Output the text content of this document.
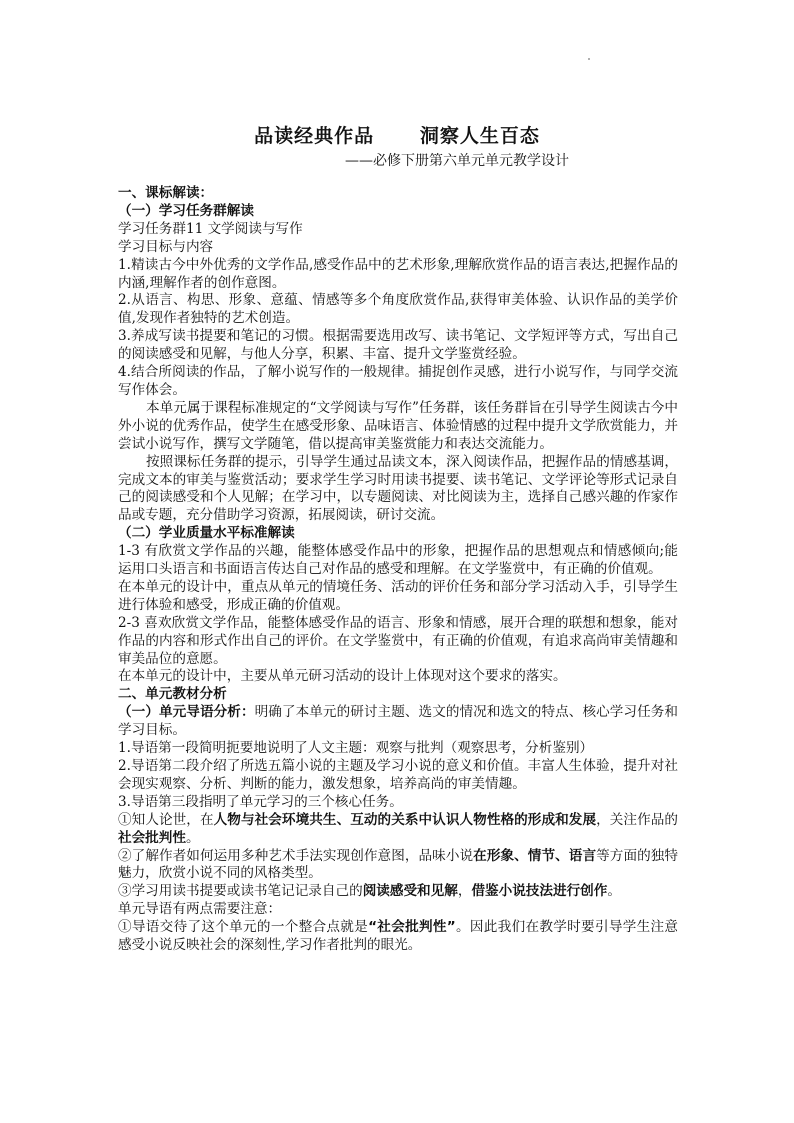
品读经典作品      洞察人生百态
——必修下册第六单元单元教学设计

一、课标解读：

（一）学习任务群解读

学习任务群11 文学阅读与写作

学习目标与内容

1.精读古今中外优秀的文学作品,感受作品中的艺术形象,理解欣赏作品的语言表达,把握作品的内涵,理解作者的创作意图。

2.从语言、构思、形象、意蕴、情感等多个角度欣赏作品,获得审美体验、认识作品的美学价值,发现作者独特的艺术创造。

3.养成写读书提要和笔记的习惯。根据需要选用改写、读书笔记、文学短评等方式，写出自己的阅读感受和见解，与他人分享，积累、丰富、提升文学鉴赏经验。

4.结合所阅读的作品，了解小说写作的一般规律。捕捉创作灵感，进行小说写作，与同学交流写作体会。

本单元属于课程标准规定的“文学阅读与写作”任务群，该任务群旨在引导学生阅读古今中外小说的优秀作品，使学生在感受形象、品味语言、体验情感的过程中提升文学欣赏能力，并尝试小说写作，撰写文学随笔，借以提高审美鉴赏能力和表达交流能力。

按照课标任务群的提示，引导学生通过品读文本，深入阅读作品，把握作品的情感基调，完成文本的审美与鉴赏活动；要求学生学习时用读书提要、读书笔记、文学评论等形式记录自己的阅读感受和个人见解；在学习中，以专题阅读、对比阅读为主，选择自己感兴趣的作家作品或专题，充分借助学习资源，拓展阅读，研讨交流。

（二）学业质量水平标准解读

1-3 有欣赏文学作品的兴趣，能整体感受作品中的形象，把握作品的思想观点和情感倾向;能运用口头语言和书面语言传达自己对作品的感受和理解。在文学鉴赏中，有正确的价值观。

在本单元的设计中，重点从单元的情境任务、活动的评价任务和部分学习活动入手，引导学生进行体验和感受，形成正确的价值观。

2-3 喜欢欣赏文学作品，能整体感受作品的语言、形象和情感，展开合理的联想和想象，能对作品的内容和形式作出自己的评价。在文学鉴赏中，有正确的价值观，有追求高尚审美情趣和审美品位的意愿。

在本单元的设计中，主要从单元研习活动的设计上体现对这个要求的落实。

二、单元教材分析

（一）单元导语分析：明确了本单元的研讨主题、选文的情况和选文的特点、核心学习任务和学习目标。

1.导语第一段简明扼要地说明了人文主题：观察与批判（观察思考，分析鉴别）

2.导语第二段介绍了所选五篇小说的主题及学习小说的意义和价值。丰富人生体验，提升对社会现实观察、分析、判断的能力，激发想象，培养高尚的审美情趣。

3.导语第三段指明了单元学习的三个核心任务。

①知人论世，在人物与社会环境共生、互动的关系中认识人物性格的形成和发展，关注作品的社会批判性。

②了解作者如何运用多种艺术手法实现创作意图，品味小说在形象、情节、语言等方面的独特魅力，欣赏小说不同的风格类型。

③学习用读书提要或读书笔记记录自己的阅读感受和见解，借鉴小说技法进行创作。

单元导语有两点需要注意：

①导语交待了这个单元的一个整合点就是“社会批判性”。因此我们在教学时要引导学生注意感受小说反映社会的深刻性,学习作者批判的眼光。
